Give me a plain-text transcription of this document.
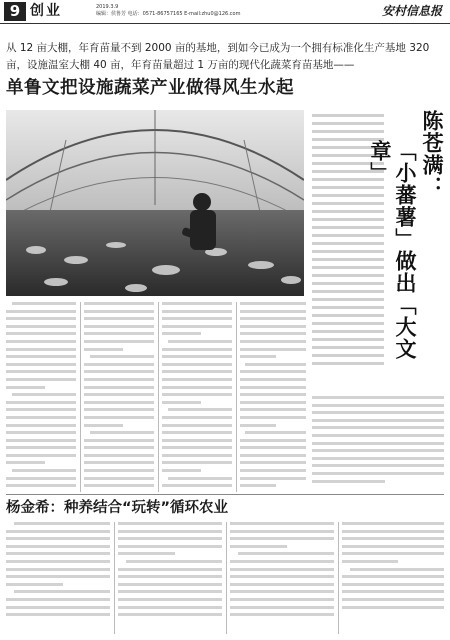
9 创业	2019.3.9
编辑：侯鲁芳 电话：0571-86757165 E-mail:zhu0@126.com	安村信息报
从 12 亩大棚，年育苗量不到 2000 亩的基地，到如今已成为一个拥有标准化生产基地 320 亩，设施温室大棚 40 亩，年育苗量超过 1 万亩的现代化蔬菜育苗基地——
单鲁文把设施蔬菜产业做得风生水起
陈苍满：
「小蕃薯」做出「大文章」
杨金希：种养结合“玩转”循环农业
